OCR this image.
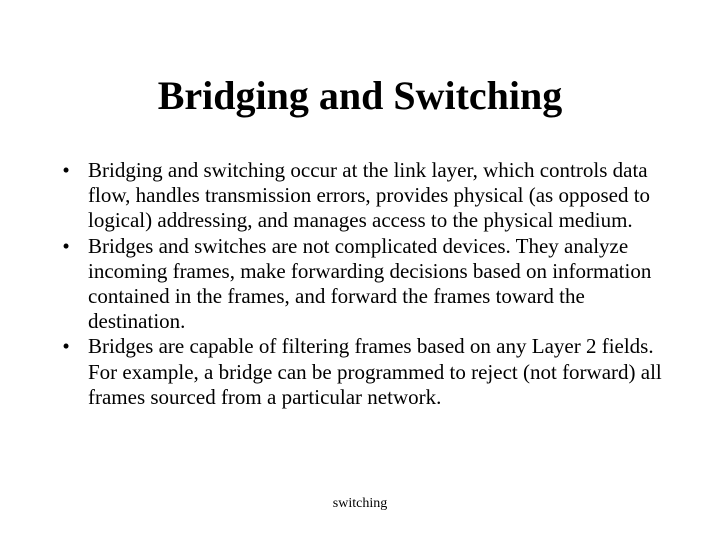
Bridging and Switching
• Bridging and switching occur at the link layer, which controls data flow, handles transmission errors, provides physical (as opposed to logical) addressing, and manages access to the physical medium.
• Bridges and switches are not complicated devices. They analyze incoming frames, make forwarding decisions based on information contained in the frames, and forward the frames toward the destination.
• Bridges are capable of filtering frames based on any Layer 2 fields. For example, a bridge can be programmed to reject (not forward) all frames sourced from a particular network.
switching
